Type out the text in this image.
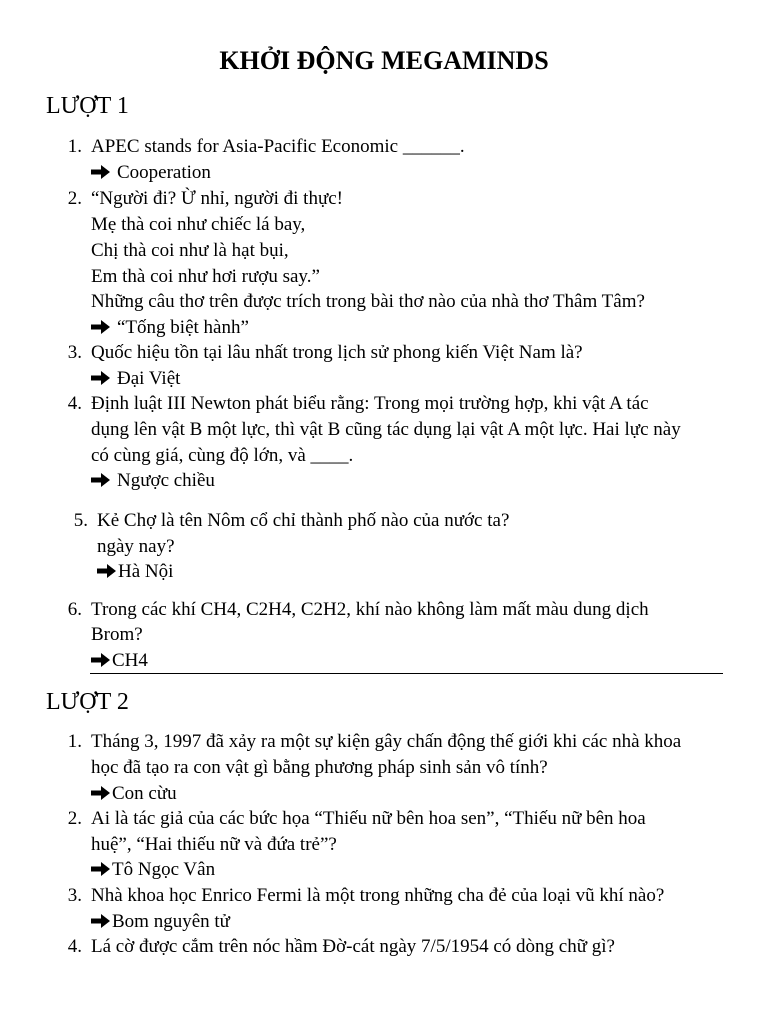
KHỞI ĐỘNG MEGAMINDS
LƯỢT 1
1. APEC stands for Asia-Pacific Economic ______.
Cooperation
2. “Người đi? Ừ nhỉ, người đi thực!
Mẹ thà coi như chiếc lá bay,
Chị thà coi như là hạt bụi,
Em thà coi như hơi rượu say.”
Những câu thơ trên được trích trong bài thơ nào của nhà thơ Thâm Tâm?
“Tống biệt hành”
3. Quốc hiệu tồn tại lâu nhất trong lịch sử phong kiến Việt Nam là?
Đại Việt
4. Định luật III Newton phát biểu rằng: Trong mọi trường hợp, khi vật A tác
dụng lên vật B một lực, thì vật B cũng tác dụng lại vật A một lực. Hai lực này
có cùng giá, cùng độ lớn, và ____.
Ngược chiều
5. Kẻ Chợ là tên Nôm cổ chỉ thành phố nào của nước ta?
ngày nay?
Hà Nội
6. Trong các khí CH4, C2H4, C2H2, khí nào không làm mất màu dung dịch
Brom?
CH4
LƯỢT 2
1. Tháng 3, 1997 đã xảy ra một sự kiện gây chấn động thế giới khi các nhà khoa
học đã tạo ra con vật gì bằng phương pháp sinh sản vô tính?
Con cừu
2. Ai là tác giả của các bức họa “Thiếu nữ bên hoa sen”, “Thiếu nữ bên hoa
huệ”, “Hai thiếu nữ và đứa trẻ”?
Tô Ngọc Vân
3. Nhà khoa học Enrico Fermi là một trong những cha đẻ của loại vũ khí nào?
Bom nguyên tử
4. Lá cờ được cắm trên nóc hầm Đờ-cát ngày 7/5/1954 có dòng chữ gì?
